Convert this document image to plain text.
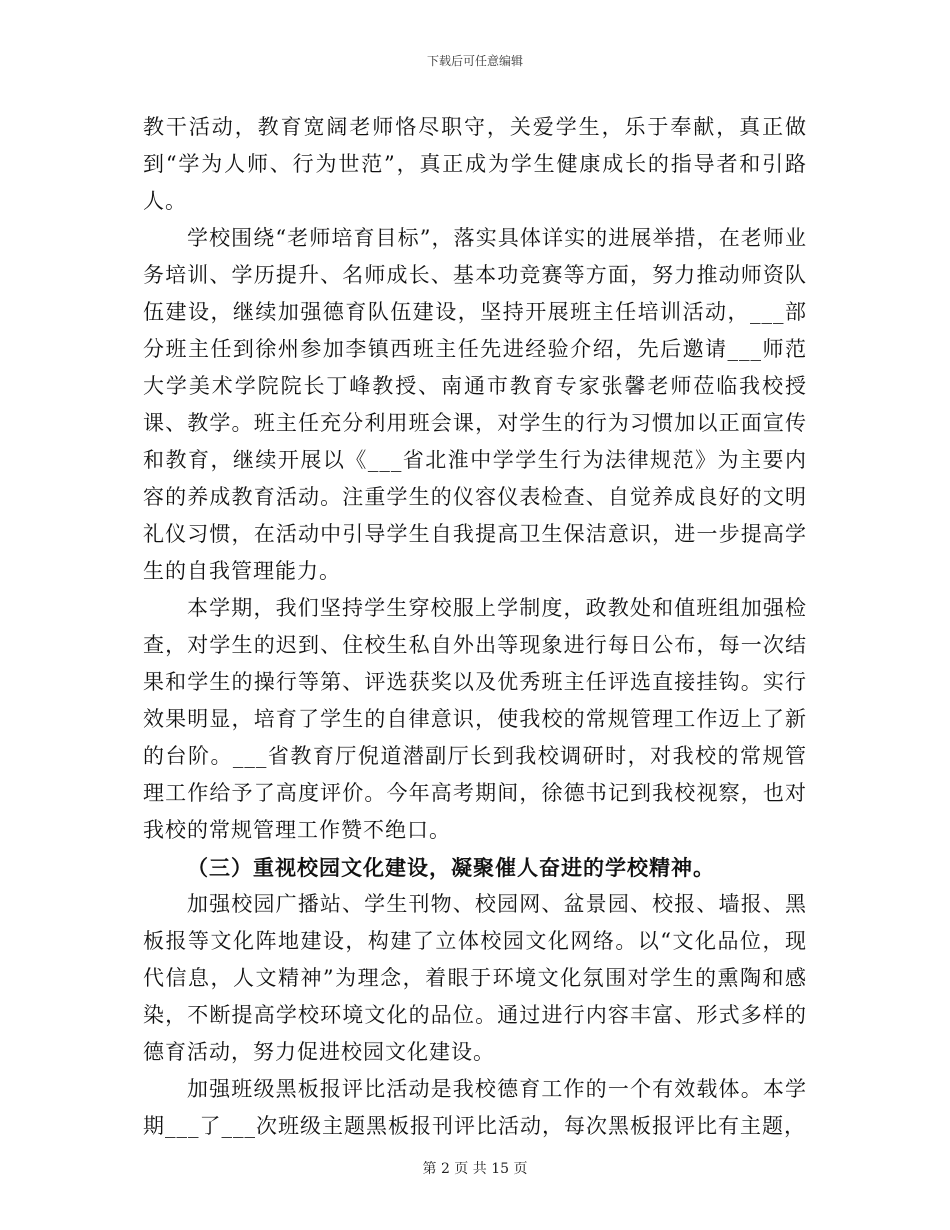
下载后可任意编辑

教干活动，教育宽阔老师恪尽职守，关爱学生，乐于奉献，真正做到“学为人师、行为世范”，真正成为学生健康成长的指导者和引路人。

学校围绕“老师培育目标”，落实具体详实的进展举措，在老师业务培训、学历提升、名师成长、基本功竞赛等方面，努力推动师资队伍建设，继续加强德育队伍建设，坚持开展班主任培训活动，___部分班主任到徐州参加李镇西班主任先进经验介绍，先后邀请___师范大学美术学院院长丁峰教授、南通市教育专家张馨老师莅临我校授课、教学。班主任充分利用班会课，对学生的行为习惯加以正面宣传和教育，继续开展以《___省北淮中学学生行为法律规范》为主要内容的养成教育活动。注重学生的仪容仪表检查、自觉养成良好的文明礼仪习惯，在活动中引导学生自我提高卫生保洁意识，进一步提高学生的自我管理能力。

本学期，我们坚持学生穿校服上学制度，政教处和值班组加强检查，对学生的迟到、住校生私自外出等现象进行每日公布，每一次结果和学生的操行等第、评选获奖以及优秀班主任评选直接挂钩。实行效果明显，培育了学生的自律意识，使我校的常规管理工作迈上了新的台阶。___省教育厅倪道潜副厅长到我校调研时，对我校的常规管理工作给予了高度评价。今年高考期间，徐德书记到我校视察，也对我校的常规管理工作赞不绝口。

（三）重视校园文化建设，凝聚催人奋进的学校精神。

加强校园广播站、学生刊物、校园网、盆景园、校报、墙报、黑板报等文化阵地建设，构建了立体校园文化网络。以“文化品位，现代信息，人文精神”为理念，着眼于环境文化氛围对学生的熏陶和感染，不断提高学校环境文化的品位。通过进行内容丰富、形式多样的德育活动，努力促进校园文化建设。

加强班级黑板报评比活动是我校德育工作的一个有效载体。本学期___了___次班级主题黑板报刊评比活动，每次黑板报评比有主题，

第 2 页 共 15 页
